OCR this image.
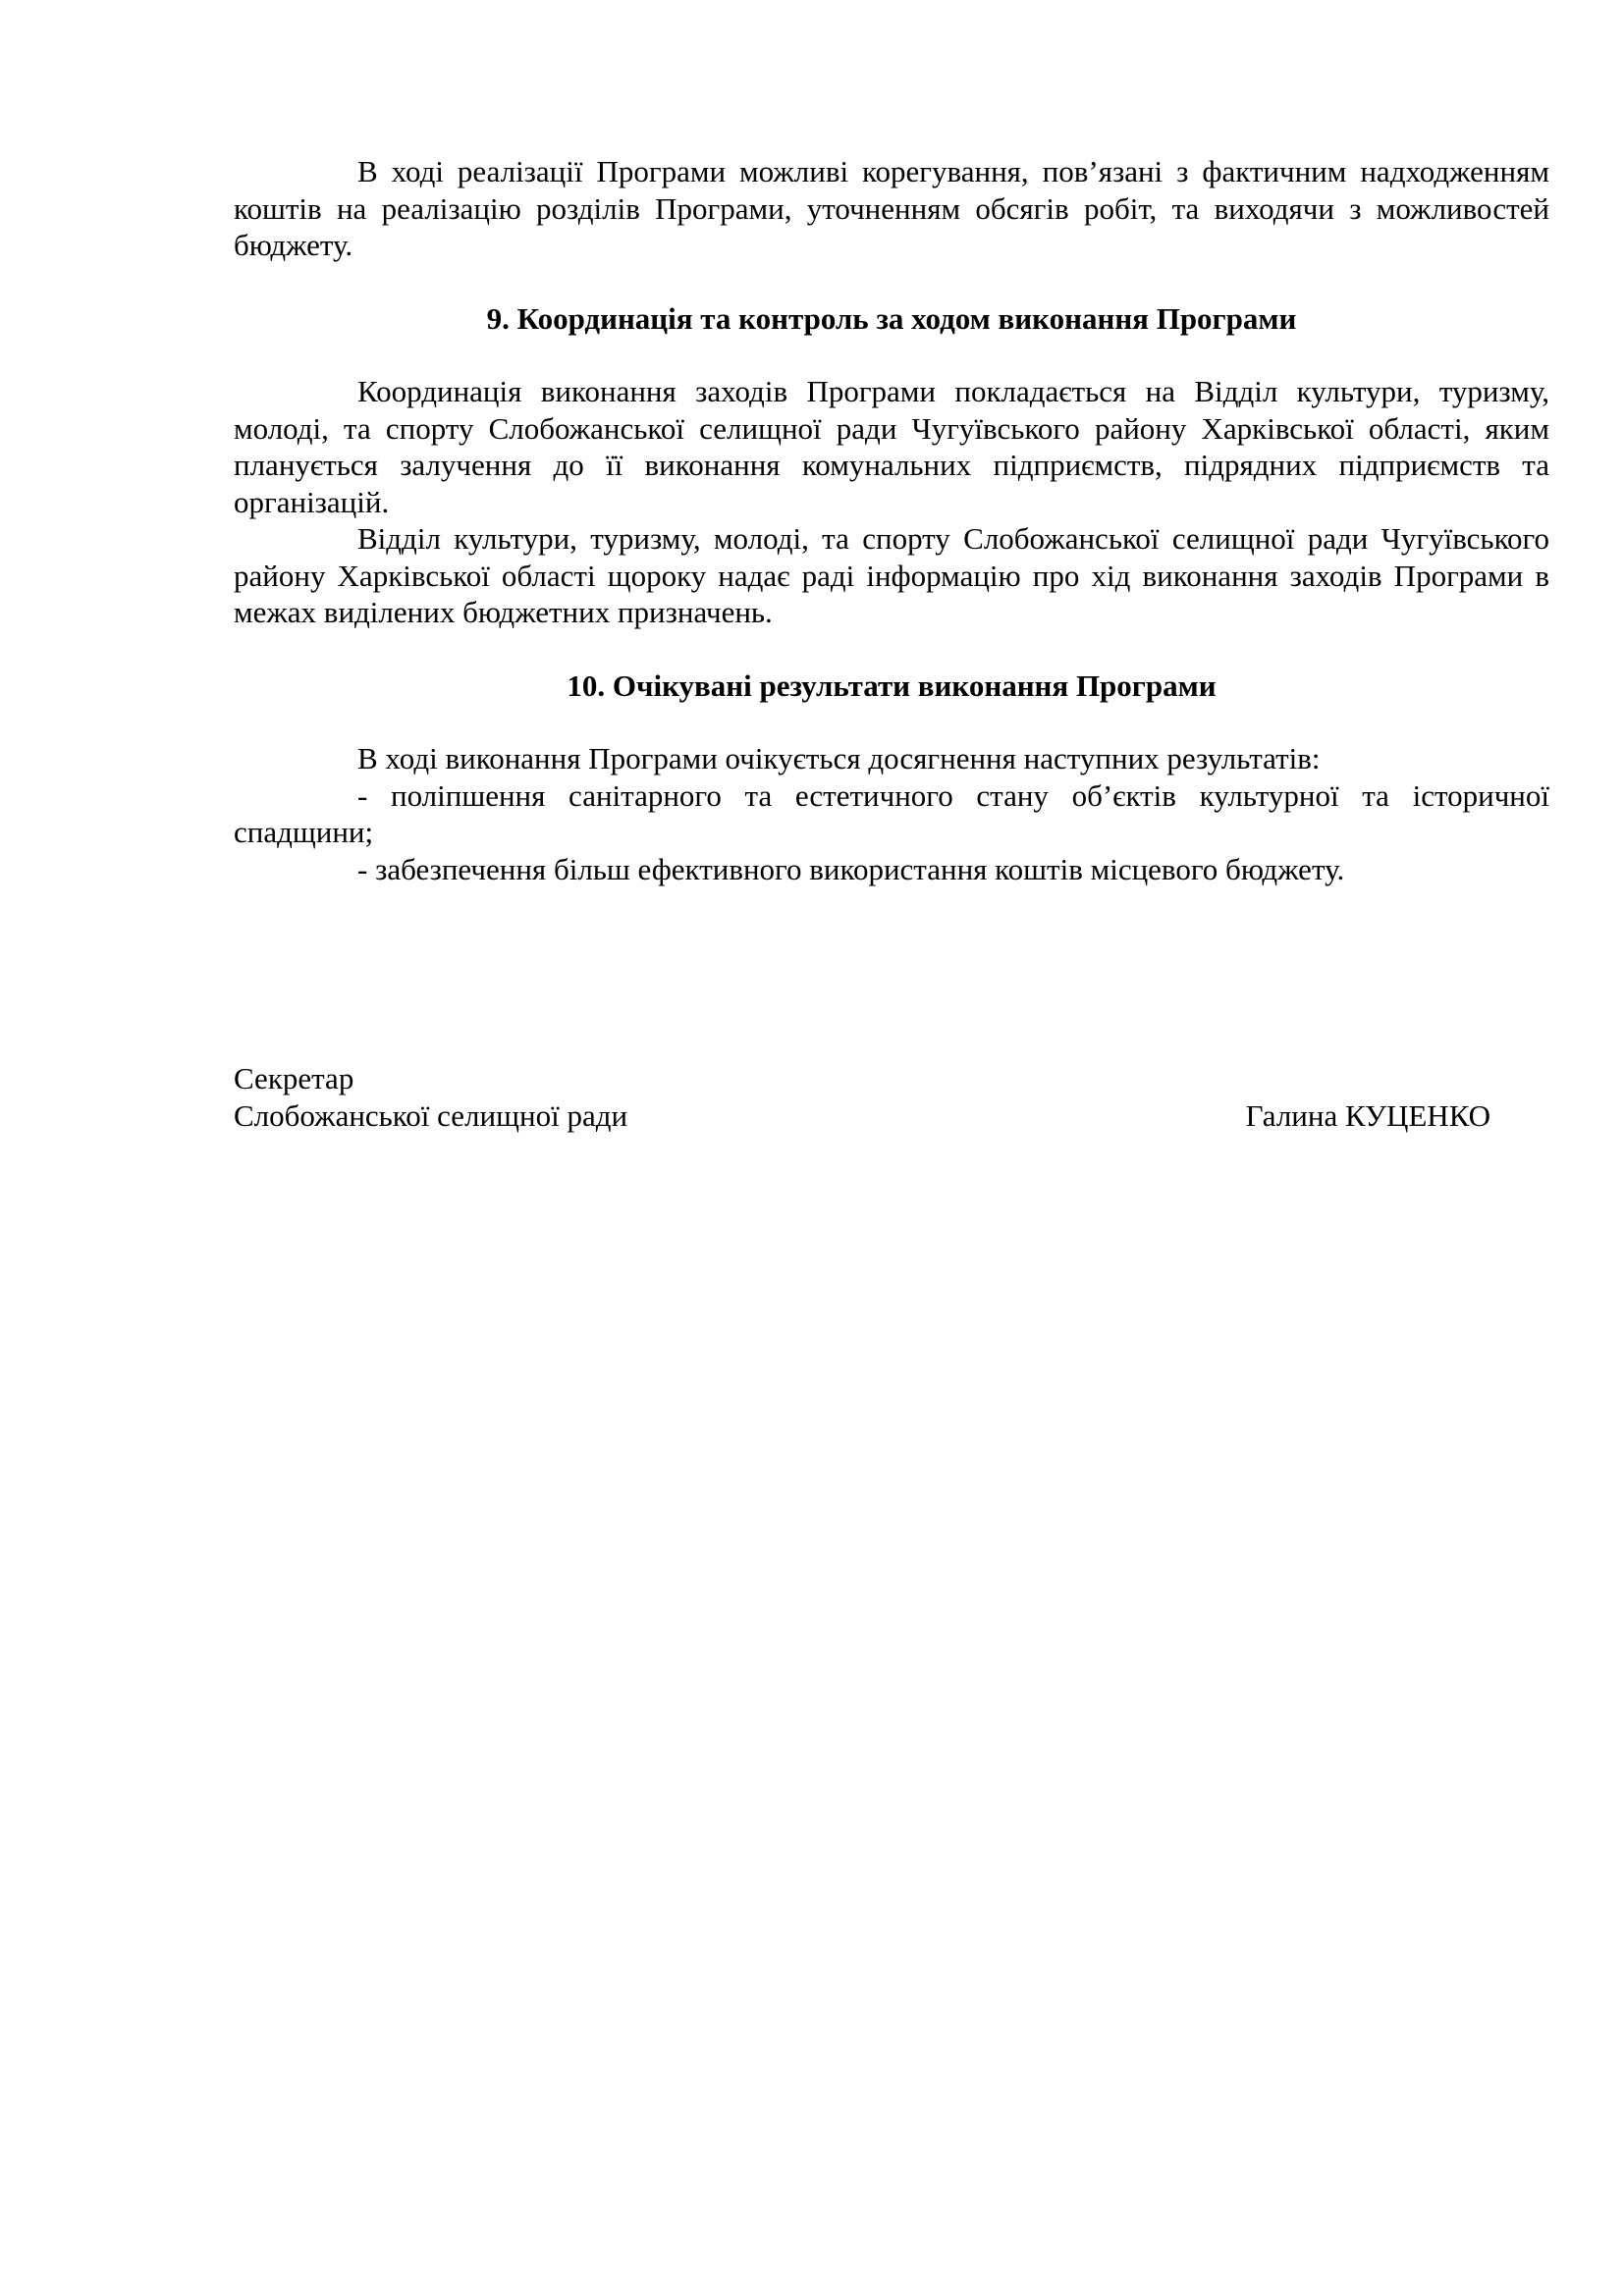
В ході реалізації Програми можливі корегування, пов’язані з фактичним надходженням коштів на реалізацію розділів Програми, уточненням обсягів робіт, та виходячи з можливостей бюджету.

9. Координація та контроль за ходом виконання Програми

Координація виконання заходів Програми покладається на Відділ культури, туризму, молоді, та спорту Слобожанської селищної ради Чугуївського району Харківської області, яким планується залучення до її виконання комунальних підприємств, підрядних підприємств та організацій.

Відділ культури, туризму, молоді, та спорту Слобожанської селищної ради Чугуївського району Харківської області щороку надає раді інформацію про хід виконання заходів Програми в межах виділених бюджетних призначень.

10. Очікувані результати виконання Програми

В ході виконання Програми очікується досягнення наступних результатів:

- поліпшення санітарного та естетичного стану об’єктів культурної та історичної спадщини;

- забезпечення більш ефективного використання коштів місцевого бюджету.

Секретар

Слобожанської селищної ради	Галина КУЦЕНКО
